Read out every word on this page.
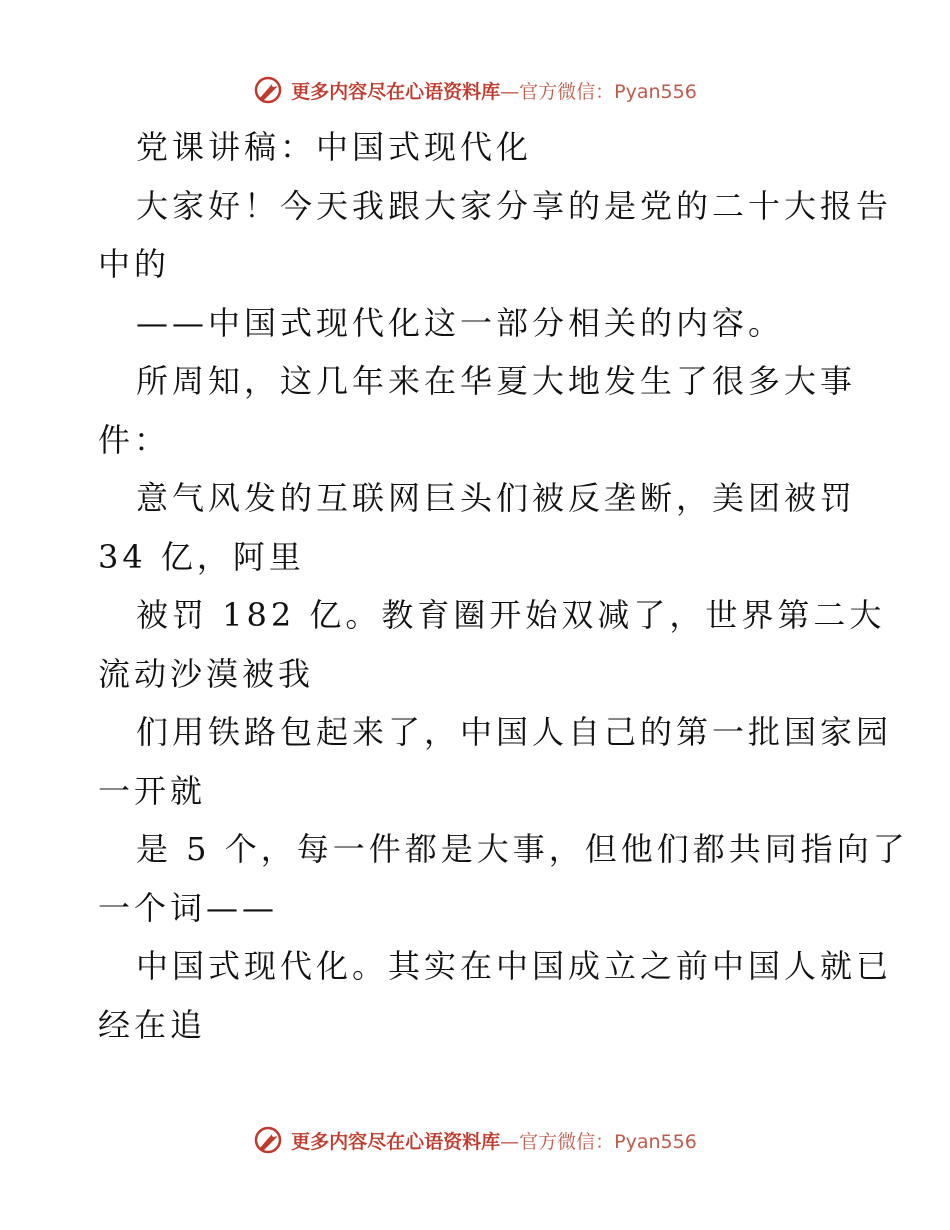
更多内容尽在心语资料库 —官方微信：Pyan556
党课讲稿：中国式现代化
大家好！今天我跟大家分享的是党的二十大报告
中的
——中国式现代化这一部分相关的内容。
所周知，这几年来在华夏大地发生了很多大事
件：
意气风发的互联网巨头们被反垄断，美团被罚
34 亿，阿里
被罚 182 亿。教育圈开始双减了，世界第二大
流动沙漠被我
们用铁路包起来了，中国人自己的第一批国家园
一开就
是 5 个，每一件都是大事，但他们都共同指向了
一个词——
中国式现代化。其实在中国成立之前中国人就已
经在追
更多内容尽在心语资料库 —官方微信：Pyan556
